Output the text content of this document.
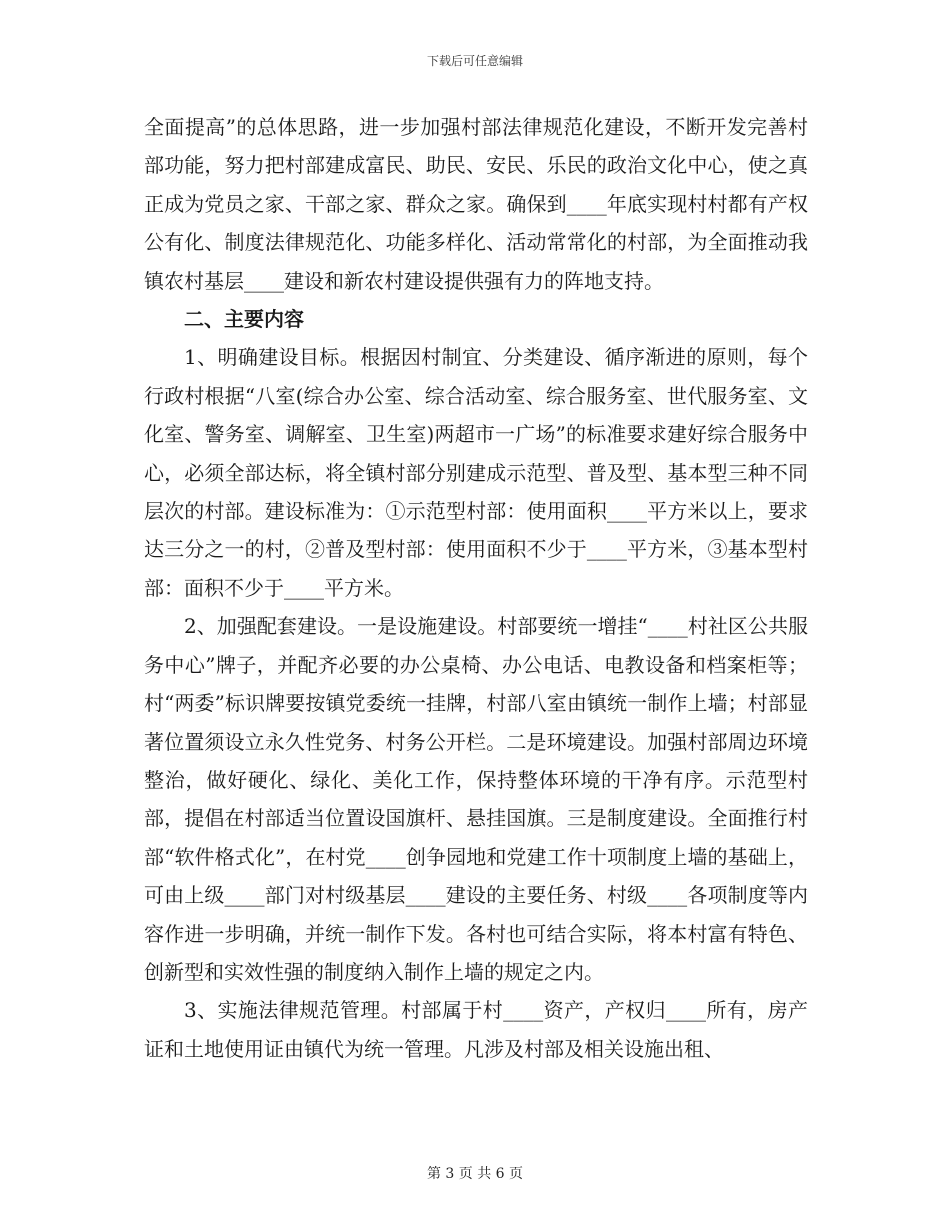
下载后可任意编辑

全面提高”的总体思路，进一步加强村部法律规范化建设，不断开发完善村部功能，努力把村部建成富民、助民、安民、乐民的政治文化中心，使之真正成为党员之家、干部之家、群众之家。确保到____年底实现村村都有产权公有化、制度法律规范化、功能多样化、活动常常化的村部，为全面推动我镇农村基层____建设和新农村建设提供强有力的阵地支持。

二、主要内容

1、明确建设目标。根据因村制宜、分类建设、循序渐进的原则，每个行政村根据“八室(综合办公室、综合活动室、综合服务室、世代服务室、文化室、警务室、调解室、卫生室)两超市一广场”的标准要求建好综合服务中心，必须全部达标，将全镇村部分别建成示范型、普及型、基本型三种不同层次的村部。建设标准为：①示范型村部：使用面积____平方米以上，要求达三分之一的村，②普及型村部：使用面积不少于____平方米，③基本型村部：面积不少于____平方米。

2、加强配套建设。一是设施建设。村部要统一增挂“____村社区公共服务中心”牌子，并配齐必要的办公桌椅、办公电话、电教设备和档案柜等；村“两委”标识牌要按镇党委统一挂牌，村部八室由镇统一制作上墙；村部显著位置须设立永久性党务、村务公开栏。二是环境建设。加强村部周边环境整治，做好硬化、绿化、美化工作，保持整体环境的干净有序。示范型村部，提倡在村部适当位置设国旗杆、悬挂国旗。三是制度建设。全面推行村部“软件格式化”，在村党____创争园地和党建工作十项制度上墙的基础上，可由上级____部门对村级基层____建设的主要任务、村级____各项制度等内容作进一步明确，并统一制作下发。各村也可结合实际，将本村富有特色、创新型和实效性强的制度纳入制作上墙的规定之内。

3、实施法律规范管理。村部属于村____资产，产权归____所有，房产证和土地使用证由镇代为统一管理。凡涉及村部及相关设施出租、

第 3 页 共 6 页
